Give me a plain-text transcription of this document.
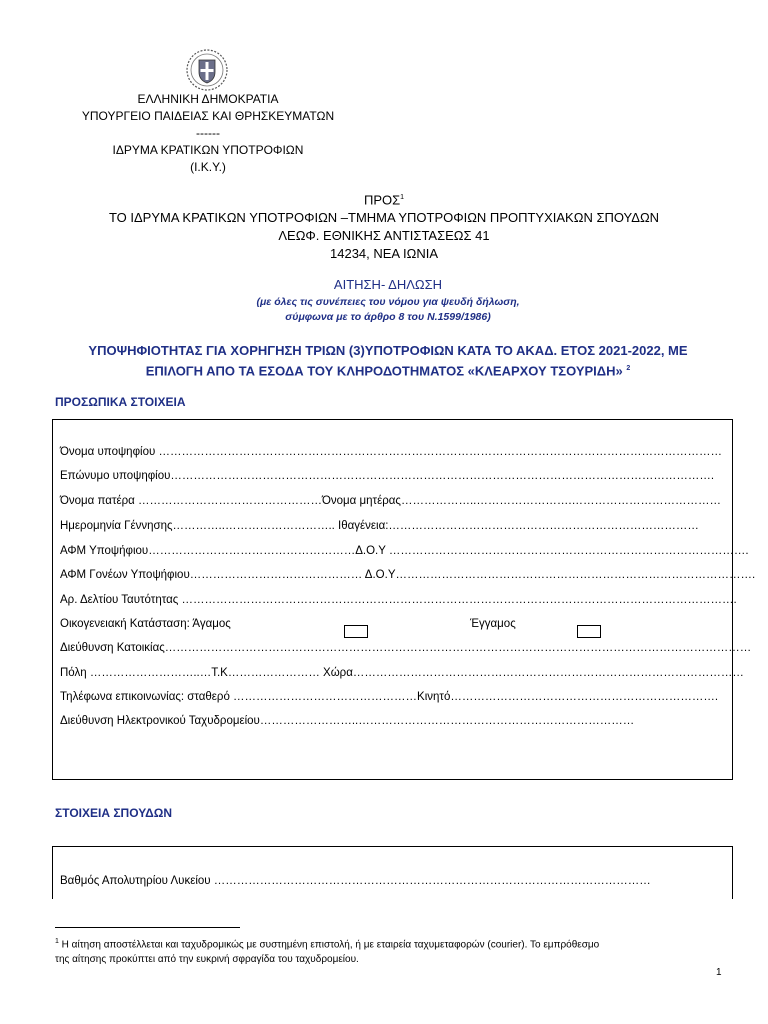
ΕΛΛΗΝΙΚΗ ΔΗΜΟΚΡΑΤΙΑ
ΥΠΟΥΡΓΕΙΟ ΠΑΙΔΕΙΑΣ ΚΑΙ ΘΡΗΣΚΕΥΜΑΤΩΝ
------
ΙΔΡΥΜΑ ΚΡΑΤΙΚΩΝ ΥΠΟΤΡΟΦΙΩΝ
(Ι.Κ.Υ.)
ΠΡΟΣ$^1$
ΤΟ ΙΔΡΥΜΑ ΚΡΑΤΙΚΩΝ ΥΠΟΤΡΟΦΙΩΝ –ΤΜΗΜΑ ΥΠΟΤΡΟΦΙΩΝ ΠΡΟΠΤΥΧΙΑΚΩΝ ΣΠΟΥΔΩΝ
ΛΕΩΦ. ΕΘΝΙΚΗΣ ΑΝΤΙΣΤΑΣΕΩΣ 41
14234, ΝΕΑ ΙΩΝΙΑ
ΑΙΤΗΣΗ- ΔΗΛΩΣΗ
(με όλες τις συνέπειες του νόμου για ψευδή δήλωση,
σύμφωνα με το άρθρο 8 του Ν.1599/1986)
ΥΠΟΨΗΦΙΟΤΗΤΑΣ ΓΙΑ ΧΟΡΗΓΗΣΗ ΤΡΙΩΝ (3)ΥΠΟΤΡΟΦΙΩΝ ΚΑΤΑ ΤΟ ΑΚΑΔ. ΕΤΟΣ 2021-2022, ΜΕ
ΕΠΙΛΟΓΗ ΑΠΟ ΤΑ ΕΣΟΔΑ ΤΟΥ ΚΛΗΡΟΔΟΤΗΜΑΤΟΣ «ΚΛΕΑΡΧΟΥ ΤΣΟΥΡΙΔΗ» $^2$
ΠΡΟΣΩΠΙΚΑ ΣΤΟΙΧΕΙΑ
Όνομα υποψηφίου …………………………………………………………………………………………………………………………………
Επώνυμο υποψηφίου…………………………………………………………………………………………………………………………….
Όνομα πατέρα …………………………………………Όνομα μητέρας………………..…………………….…………………………………
Ημερομηνία Γέννησης…………..……………………….. Ιθαγένεια:………………………………………………………………………
ΑΦΜ Υποψήφιου………………………………………………Δ.Ο.Υ ………………………………………………………………………………….
ΑΦΜ Γονέων Υποψήφιου……………………………………… Δ.Ο.Υ………………………………………………………………………………….
Αρ. Δελτίου Ταυτότητας ……………………………………………………………………………………………………………………………….
Οικογενειακή Κατάσταση: Άγαμος	Έγγαμος
Διεύθυνση Κατοικίας………………………………………………………………………………………………………………………………………
Πόλη ………………………..…Τ.Κ…………………… Χώρα…………………………………………………………………………………………
Τηλέφωνα επικοινωνίας: σταθερό …………………………………………Κινητό…………………………………………………………….
Διεύθυνση Ηλεκτρονικού Ταχυδρομείου……………………..………………………………………………………………
ΣΤΟΙΧΕΙΑ ΣΠΟΥΔΩΝ
Βαθμός Απολυτηρίου Λυκείου ……………………………………………………………………………………………………
$^1$ Η αίτηση αποστέλλεται και ταχυδρομικώς με συστημένη επιστολή, ή με εταιρεία ταχυμεταφορών (courier). Το εμπρόθεσμο
της αίτησης προκύπτει από την ευκρινή σφραγίδα του ταχυδρομείου.
1
